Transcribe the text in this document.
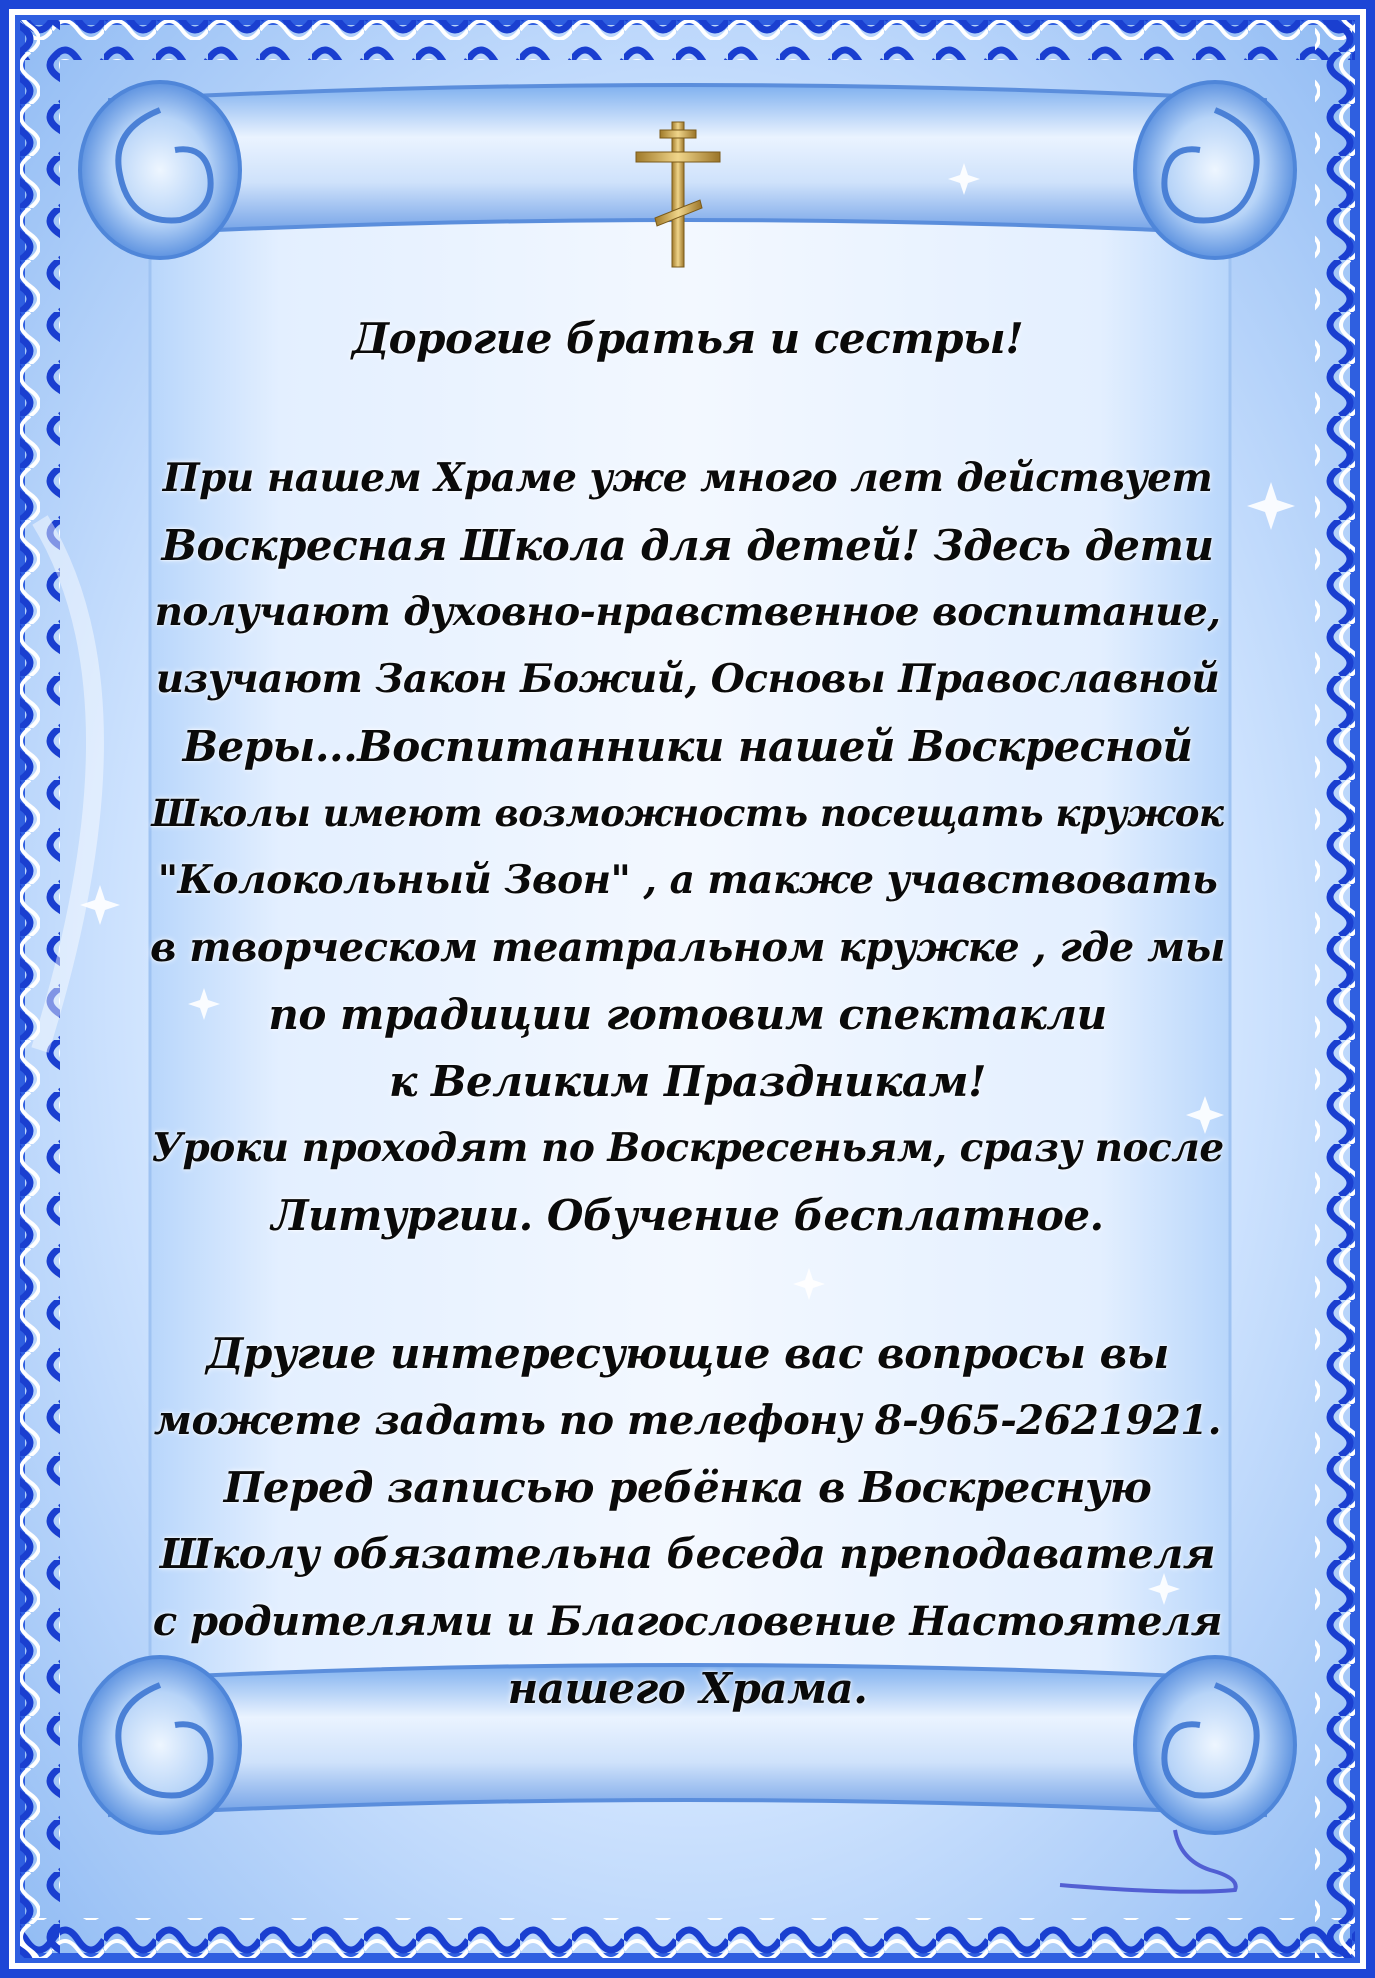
Дорогие братья и сестры!
При нашем Храме уже много лет действует
Воскресная Школа для детей! Здесь дети
получают духовно-нравственное воспитание,
изучают Закон Божий, Основы Православной
Веры...Воспитанники нашей Воскресной
Школы имеют возможность посещать кружок
"Колокольный Звон" , а также учавствовать
в творческом театральном кружке , где мы
по традиции готовим спектакли
к Великим Праздникам!
Уроки проходят по Воскресеньям, сразу после
Литургии. Обучение бесплатное.
Другие интересующие вас вопросы вы
можете задать по телефону 8-965-2621921.
Перед записью ребёнка в Воскресную
Школу обязательна беседа преподавателя
с родителями и Благословение Настоятеля
нашего Храма.
